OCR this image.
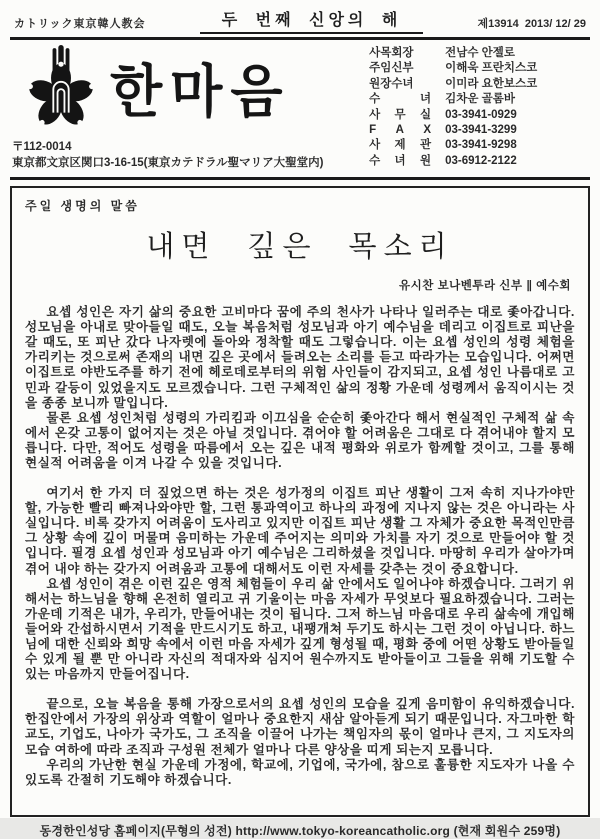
カトリック東京韓人教会	두 번째 신앙의 해	제13914  2013/ 12/ 29
한마음
〒112-0014
東京都文京区関口3-16-15(東京カテドラル聖マリア大聖堂内)
사목회장	전남수 안젤로
주임신부	이해욱 프란치스코
원장수녀	이미라 요한보스코
수 녀 김차운 골롬바
사 무 실 03-3941-0929
F A X 03-3941-3299
사 제 관 03-3941-9298
수 녀 원 03-6912-2122
주일 생명의 말씀
내면 깊은 목소리
유시찬 보나벤투라 신부 ∥ 예수회

요셉 성인은 자기 삶의 중요한 고비마다 꿈에 주의 천사가 나타나 일러주는 대로 좇아갑니다. 성모님을 아내로 맞아들일 때도, 오늘 복음처럼 성모님과 아기 예수님을 데리고 이집트로 피난을 갈 때도, 또 피난 갔다 나자렛에 돌아와 정착할 때도 그렇습니다. 이는 요셉 성인의 성령 체험을 가리키는 것으로써 존재의 내면 깊은 곳에서 들려오는 소리를 듣고 따라가는 모습입니다. 어쩌면 이집트로 야반도주를 하기 전에 헤로데로부터의 위험 사인들이 감지되고, 요셉 성인 나름대로 고민과 갈등이 있었을지도 모르겠습니다. 그런 구체적인 삶의 정황 가운데 성령께서 움직이시는 것을 종종 보니까 말입니다.

물론 요셉 성인처럼 성령의 가리킴과 이끄심을 순순히 좇아간다 해서 현실적인 구체적 삶 속에서 온갖 고통이 없어지는 것은 아닐 것입니다. 겪어야 할 어려움은 그대로 다 겪어내야 할지 모릅니다. 다만, 적어도 성령을 따름에서 오는 깊은 내적 평화와 위로가 함께할 것이고, 그를 통해 현실적 어려움을 이겨 나갈 수 있을 것입니다.

여기서 한 가지 더 짚었으면 하는 것은 성가정의 이집트 피난 생활이 그저 속히 지나가야만 할, 가능한 빨리 빠져나와야만 할, 그런 통과역이고 하나의 과정에 지나지 않는 것은 아니라는 사실입니다. 비록 갖가지 어려움이 도사리고 있지만 이집트 피난 생활 그 자체가 중요한 목적인만큼 그 상황 속에 깊이 머물며 음미하는 가운데 주어지는 의미와 가치를 자기 것으로 만들어야 할 것입니다. 필경 요셉 성인과 성모님과 아기 예수님은 그리하셨을 것입니다. 마땅히 우리가 살아가며 겪어 내야 하는 갖가지 어려움과 고통에 대해서도 이런 자세를 갖추는 것이 중요합니다.

요셉 성인이 겪은 이런 깊은 영적 체험들이 우리 삶 안에서도 일어나야 하겠습니다. 그러기 위해서는 하느님을 향해 온전히 열리고 귀 기울이는 마음 자세가 무엇보다 필요하겠습니다. 그러는 가운데 기적은 내가, 우리가, 만들어내는 것이 됩니다. 그저 하느님 마음대로 우리 삶속에 개입해 들어와 간섭하시면서 기적을 만드시기도 하고, 내팽개쳐 두기도 하시는 그런 것이 아닙니다. 하느님에 대한 신뢰와 희망 속에서 이런 마음 자세가 깊게 형성될 때, 평화 중에 어떤 상황도 받아들일 수 있게 될 뿐 만 아니라 자신의 적대자와 심지어 원수까지도 받아들이고 그들을 위해 기도할 수 있는 마음까지 만들어집니다.

끝으로, 오늘 복음을 통해 가장으로서의 요셉 성인의 모습을 깊게 음미함이 유익하겠습니다. 한집안에서 가장의 위상과 역할이 얼마나 중요한지 새삼 알아듣게 되기 때문입니다. 자그마한 학교도, 기업도, 나아가 국가도, 그 조직을 이끌어 나가는 책임자의 몫이 얼마나 큰지, 그 지도자의 모습 여하에 따라 조직과 구성원 전체가 얼마나 다른 양상을 띠게 되는지 모릅니다.

우리의 가난한 현실 가운데 가정에, 학교에, 기업에, 국가에, 참으로 훌륭한 지도자가 나올 수 있도록 간절히 기도해야 하겠습니다.

동경한인성당 홈페이지(무형의 성전) http://www.tokyo-koreancatholic.org (현재 회원수 259명)
